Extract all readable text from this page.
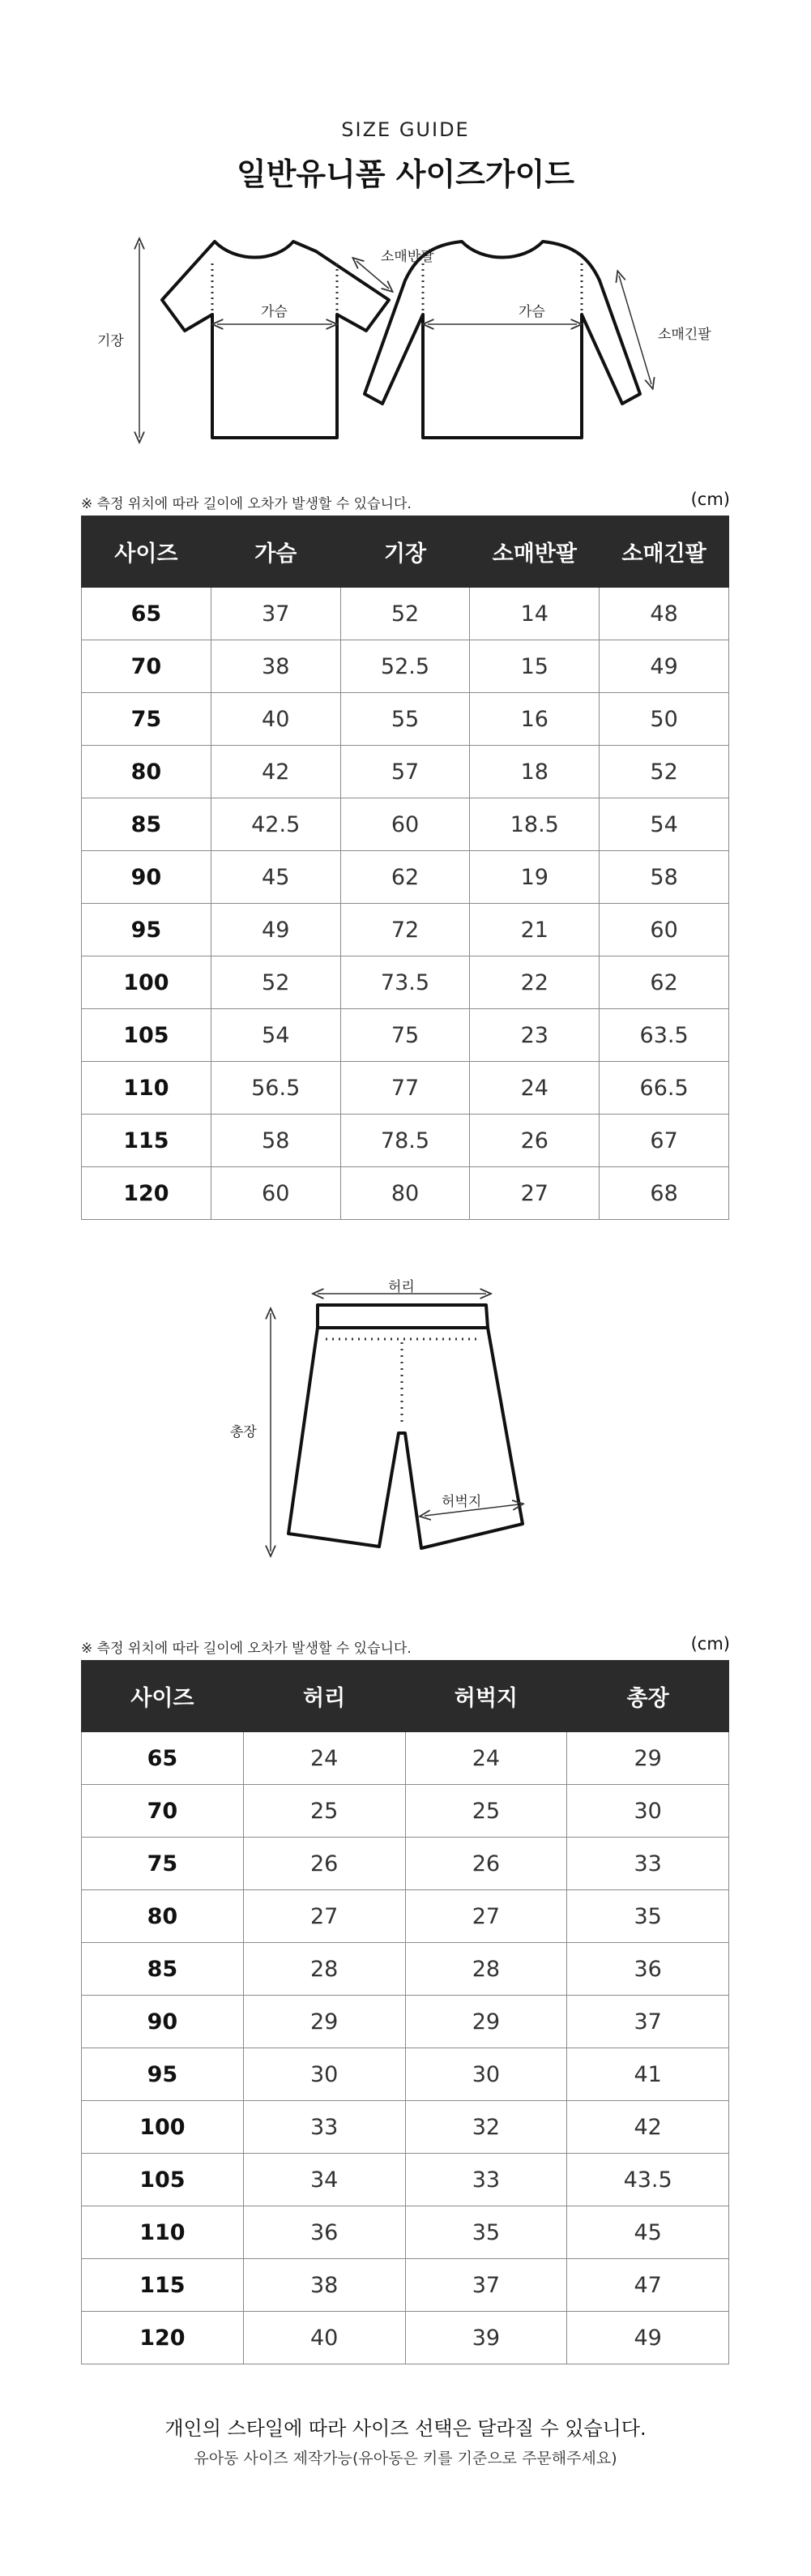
SIZE GUIDE
일반유니폼 사이즈가이드
기장
가슴
소매반팔
가슴
소매긴팔
※ 측정 위치에 따라 길이에 오차가 발생할 수 있습니다.	(cm)
사이즈	가슴	기장	소매반팔	소매긴팔
65	37	52	14	48
70	38	52.5	15	49
75	40	55	16	50
80	42	57	18	52
85	42.5	60	18.5	54
90	45	62	19	58
95	49	72	21	60
100	52	73.5	22	62
105	54	75	23	63.5
110	56.5	77	24	66.5
115	58	78.5	26	67
120	60	80	27	68
허리
총장
허벅지
※ 측정 위치에 따라 길이에 오차가 발생할 수 있습니다.	(cm)
사이즈	허리	허벅지	총장
65	24	24	29
70	25	25	30
75	26	26	33
80	27	27	35
85	28	28	36
90	29	29	37
95	30	30	41
100	33	32	42
105	34	33	43.5
110	36	35	45
115	38	37	47
120	40	39	49
개인의 스타일에 따라 사이즈 선택은 달라질 수 있습니다.
유아동 사이즈 제작가능(유아동은 키를 기준으로 주문해주세요)
